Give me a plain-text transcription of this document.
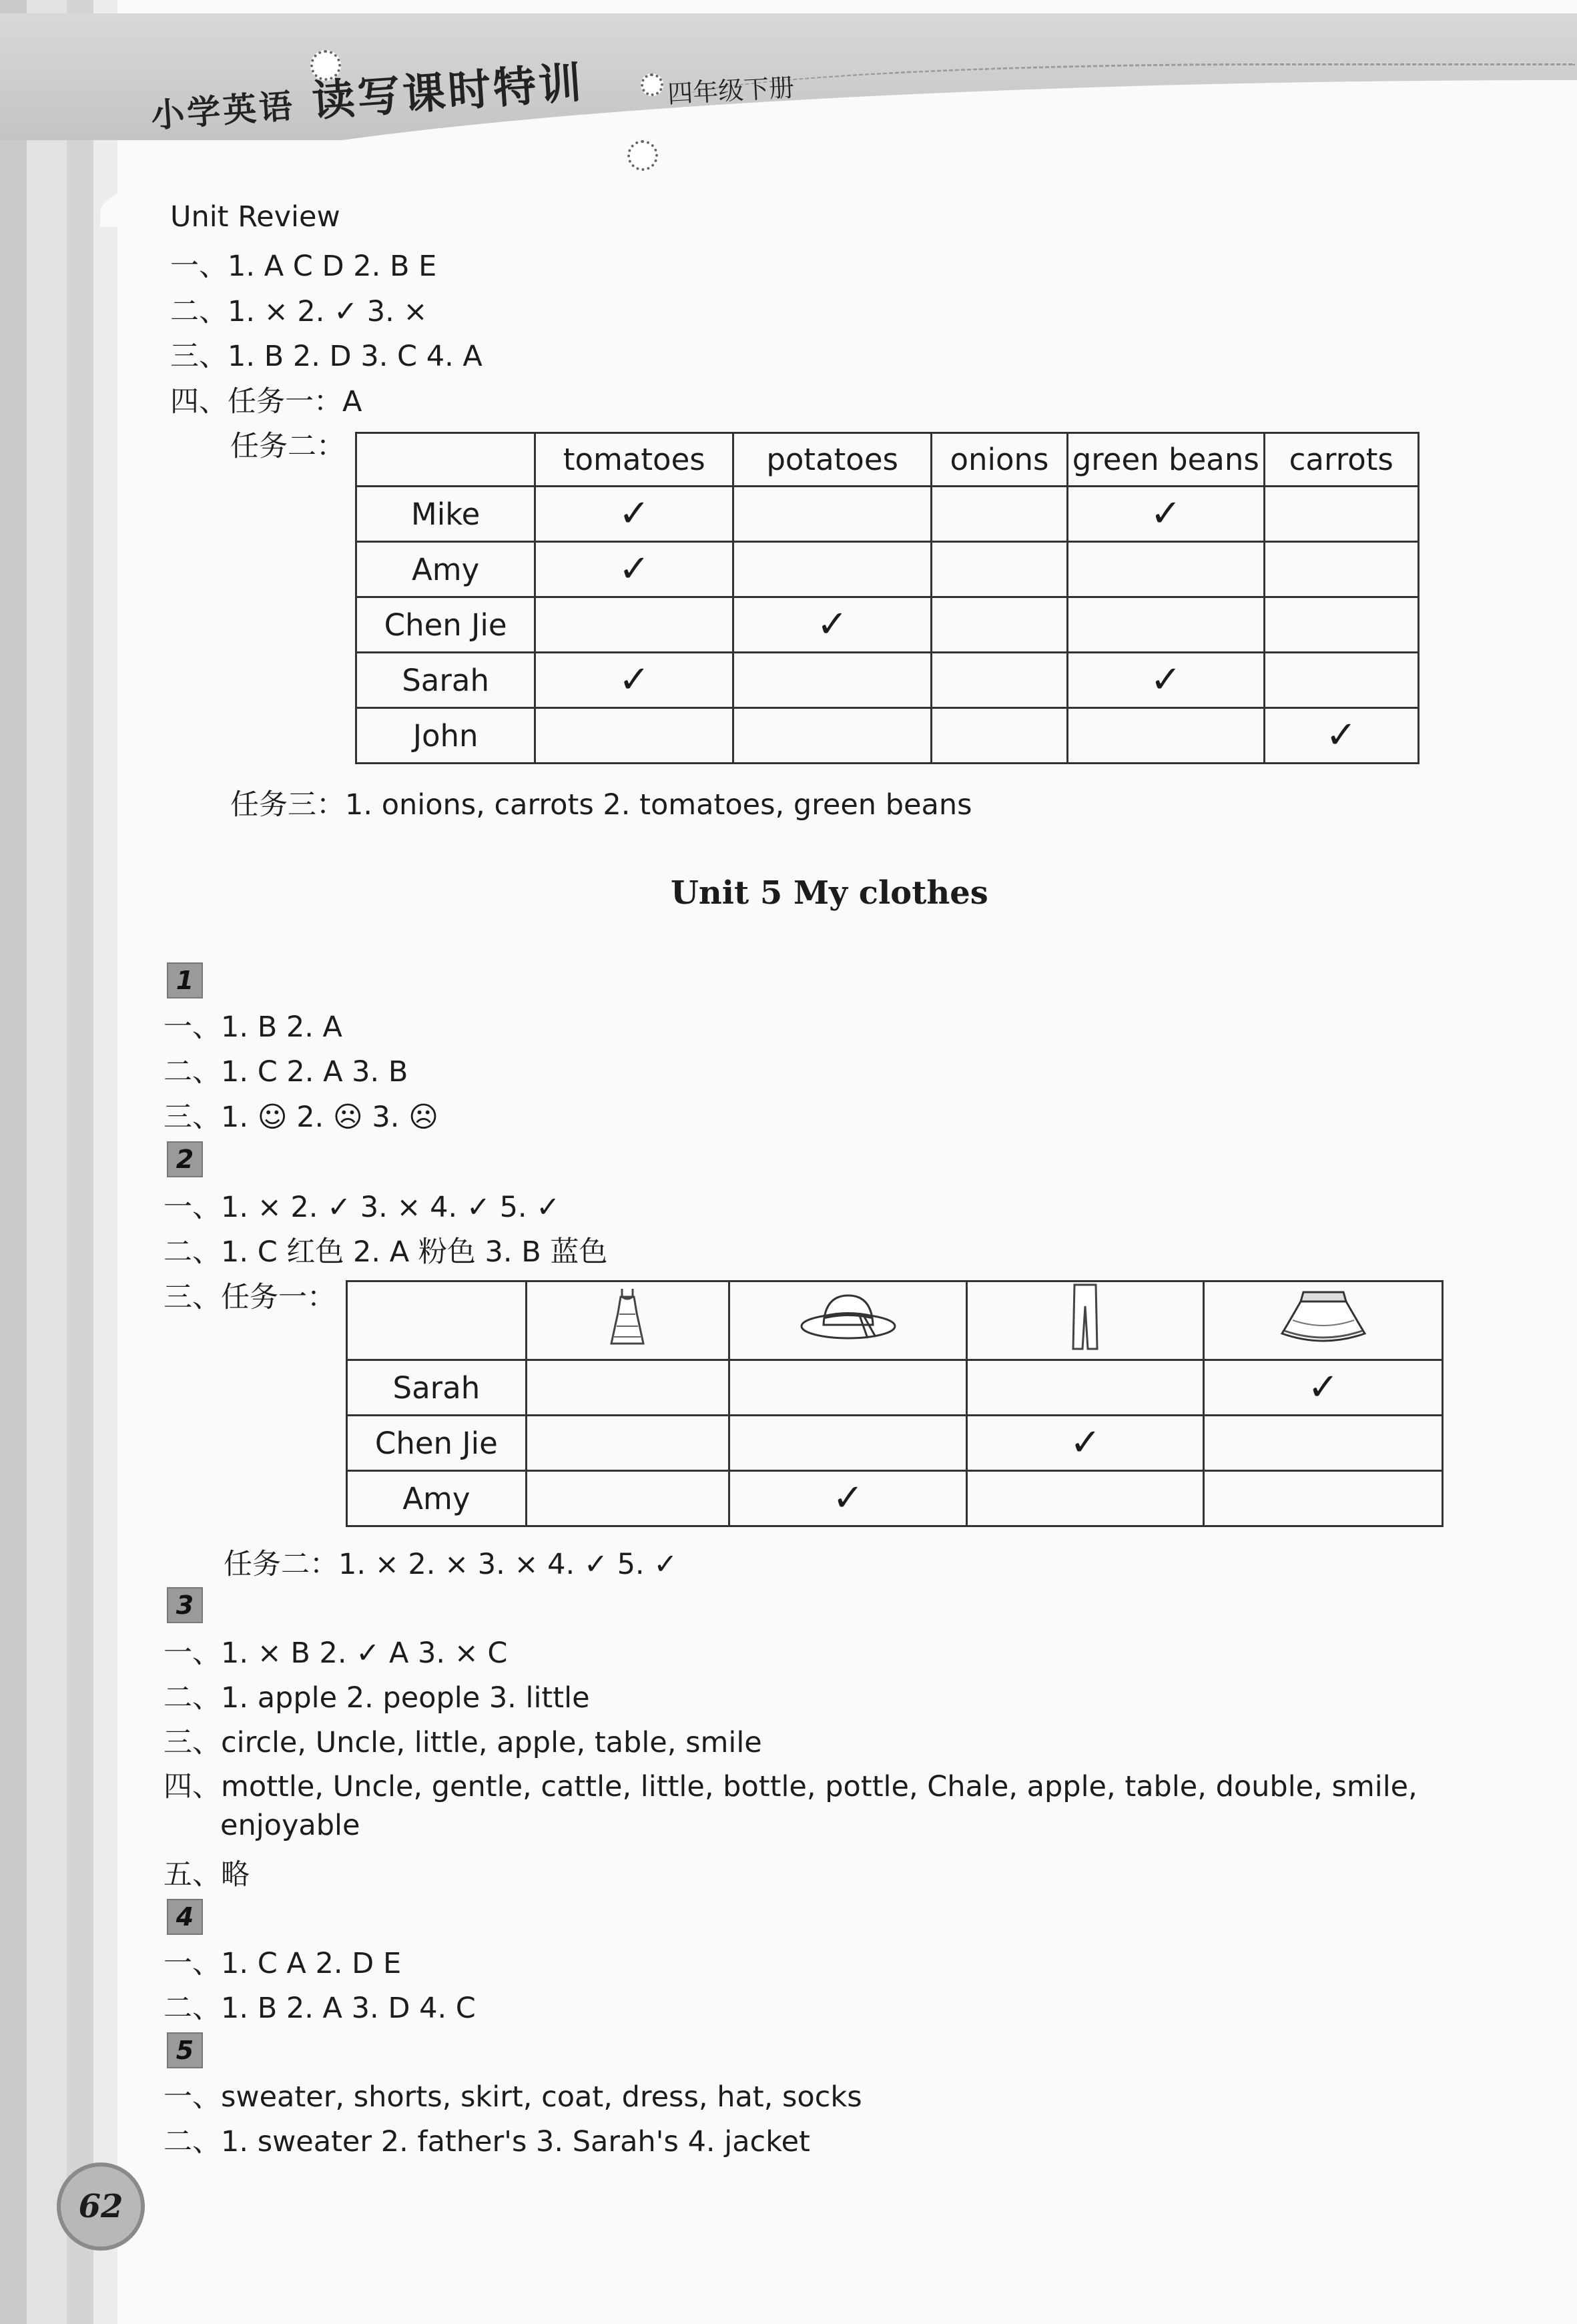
小学英语 读写课时特训	四年级下册
Unit Review
一、1. A C D 2. B E
二、1. × 2. ✓ 3. ×
三、1. B 2. D 3. C 4. A
四、任务一：A
任务二：
		tomatoes	potatoes	onions	green beans	carrots
Mike	✓			✓	
Amy	✓				
Chen Jie		✓			
Sarah	✓			✓	
John					✓
任务三：1. onions, carrots 2. tomatoes, green beans
Unit 5 My clothes
1
一、1. B 2. A
二、1. C 2. A 3. B
三、1. ☺ 2. ☹ 3. ☹
2
一、1. × 2. ✓ 3. × 4. ✓ 5. ✓
二、1. C 红色 2. A 粉色 3. B 蓝色
三、任务一：

Sarah				✓
Chen Jie			✓	
Amy		✓		
任务二：1. × 2. × 3. × 4. ✓ 5. ✓
3
一、1. × B 2. ✓ A 3. × C
二、1. apple 2. people 3. little
三、circle, Uncle, little, apple, table, smile
四、mottle, Uncle, gentle, cattle, little, bottle, pottle, Chale, apple, table, double, smile,
enjoyable
五、略
4
一、1. C A 2. D E
二、1. B 2. A 3. D 4. C
5
一、sweater, shorts, skirt, coat, dress, hat, socks
二、1. sweater 2. father's 3. Sarah's 4. jacket
62
